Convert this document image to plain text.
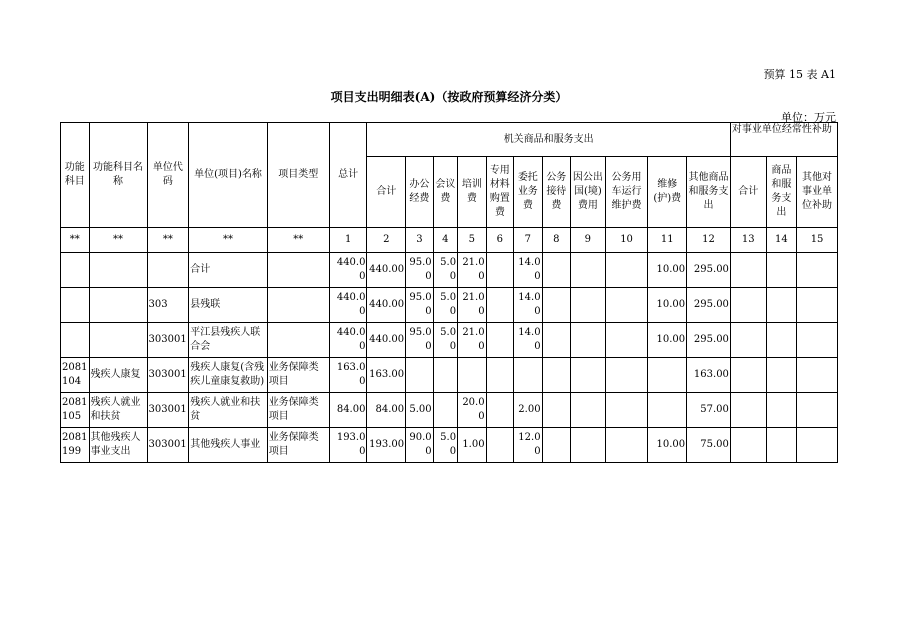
预算 15 表 A1
项目支出明细表(A)（按政府预算经济分类）
单位：万元
功能科目	功能科目名称	单位代码	单位(项目)名称	项目类型	总计	机关商品和服务支出											对事业单位经常性补助		
						合计	办公经费	会议费	培训费	专用材料购置费	委托业务费	公务接待费	因公出国(境)费用	公务用车运行维护费	维修(护)费	其他商品和服务支出	合计	商品和服务支出	其他对事业单位补助
**	**	**	**	**	1	2	3	4	5	6	7	8	9	10	11	12	13	14	15
			合计		440.00	440.00	95.00	5.00	21.00		14.00				10.00	295.00			
		303	县残联		440.00	440.00	95.00	5.00	21.00		14.00				10.00	295.00			
		303001	平江县残疾人联合会		440.00	440.00	95.00	5.00	21.00		14.00				10.00	295.00			
2081104	残疾人康复	303001	残疾人康复(含残疾儿童康复救助)	业务保障类项目	163.00	163.00										163.00			
2081105	残疾人就业和扶贫	303001	残疾人就业和扶贫	业务保障类项目	84.00	84.00	5.00		20.00		2.00					57.00			
2081199	其他残疾人事业支出	303001	其他残疾人事业	业务保障类项目	193.00	193.00	90.00	5.00	1.00		12.00				10.00	75.00			
